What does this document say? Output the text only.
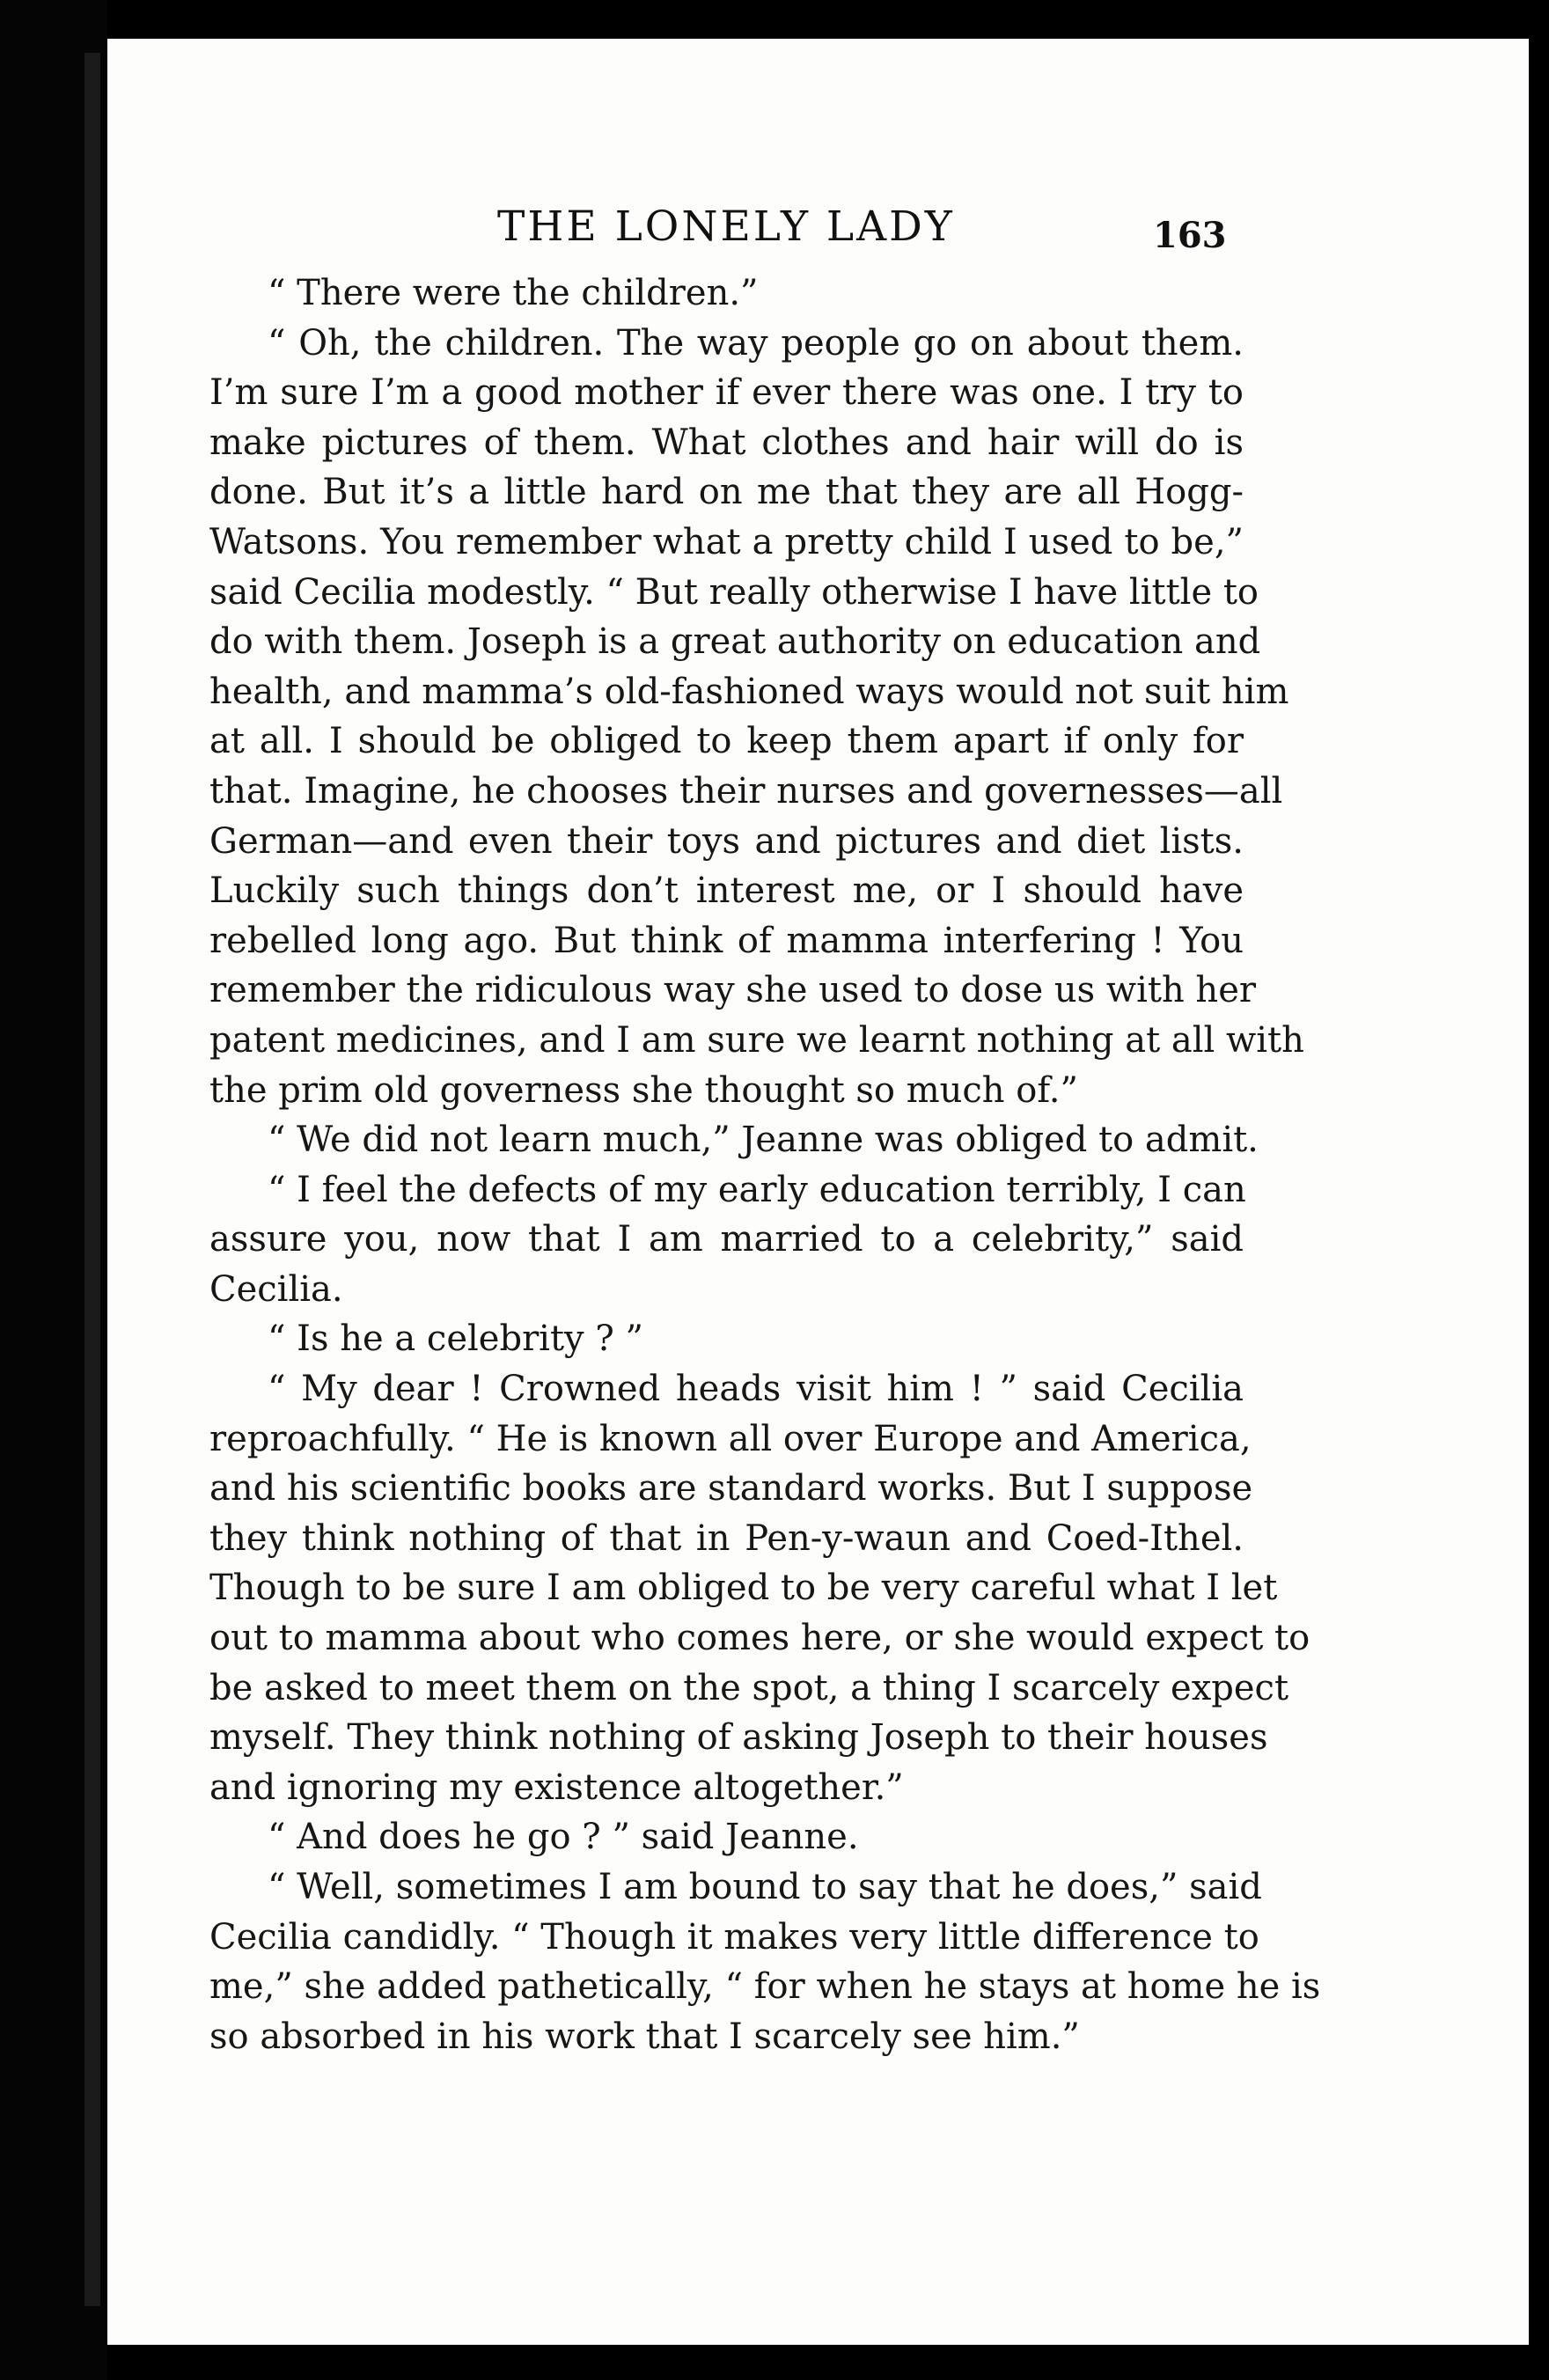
THE LONELY LADY	163
“ There were the children.”
“ Oh, the children. The way people go on about them.
I’m sure I’m a good mother if ever there was one. I try to
make pictures of them. What clothes and hair will do is
done. But it’s a little hard on me that they are all Hogg-
Watsons. You remember what a pretty child I used to be,”
said Cecilia modestly. “ But really otherwise I have little to
do with them. Joseph is a great authority on education and
health, and mamma’s old-fashioned ways would not suit him
at all. I should be obliged to keep them apart if only for
that. Imagine, he chooses their nurses and governesses—all
German—and even their toys and pictures and diet lists.
Luckily such things don’t interest me, or I should have
rebelled long ago. But think of mamma interfering ! You
remember the ridiculous way she used to dose us with her
patent medicines, and I am sure we learnt nothing at all with
the prim old governess she thought so much of.”
“ We did not learn much,” Jeanne was obliged to admit.
“ I feel the defects of my early education terribly, I can
assure you, now that I am married to a celebrity,” said
Cecilia.
“ Is he a celebrity ? ”
“ My dear ! Crowned heads visit him ! ” said Cecilia
reproachfully. “ He is known all over Europe and America,
and his scientific books are standard works. But I suppose
they think nothing of that in Pen-y-waun and Coed-Ithel.
Though to be sure I am obliged to be very careful what I let
out to mamma about who comes here, or she would expect to
be asked to meet them on the spot, a thing I scarcely expect
myself. They think nothing of asking Joseph to their houses
and ignoring my existence altogether.”
“ And does he go ? ” said Jeanne.
“ Well, sometimes I am bound to say that he does,” said
Cecilia candidly. “ Though it makes very little difference to
me,” she added pathetically, “ for when he stays at home he is
so absorbed in his work that I scarcely see him.”
